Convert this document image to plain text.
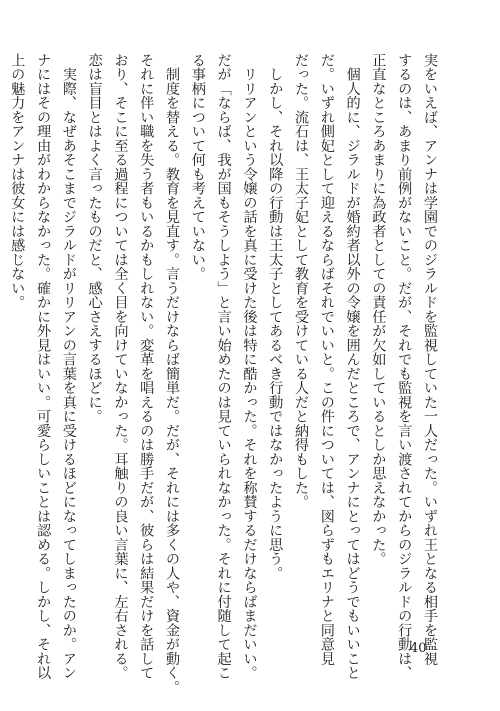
実をいえば、アンナは学園でのジラルドを監視していた一人だった。いずれ王となる相手を監視
するのは、あまり前例がないこと。だが、それでも監視を言い渡されてからのジラルドの行動は、
正直なところあまりに為政者としての責任が欠如しているとしか思えなかった。
　個人的に、ジラルドが婚約者以外の令嬢を囲んだところで、アンナにとってはどうでもいいこと
だ。いずれ側妃として迎えるならばそれでいいと。この件については、図らずもエリナと同意見
だった。流石は、王太子妃として教育を受けている人だと納得もした。
　しかし、それ以降の行動は王太子としてあるべき行動ではなかったように思う。
　リリアンという令嬢の話を真に受けた後は特に酷かった。それを称賛するだけならばまだいい。
だが「ならば、我が国もそうしよう」と言い始めたのは見ていられなかった。それに付随して起こ
る事柄について何も考えていない。
　制度を替える。教育を見直す。言うだけならば簡単だ。だが、それには多くの人や、資金が動く。
それに伴い職を失う者もいるかもしれない。変革を唱えるのは勝手だが、彼らは結果だけを話して
おり、そこに至る過程については全く目を向けていなかった。耳触りの良い言葉に、左右される。
恋は盲目とはよく言ったものだと、感心さえするほどに。
　実際、なぜあそこまでジラルドがリリアンの言葉を真に受けるほどになってしまったのか。アン
ナにはその理由がわからなかった。確かに外見はいい。可愛らしいことは認める。しかし、それ以
上の魅力をアンナは彼女には感じない。
40
